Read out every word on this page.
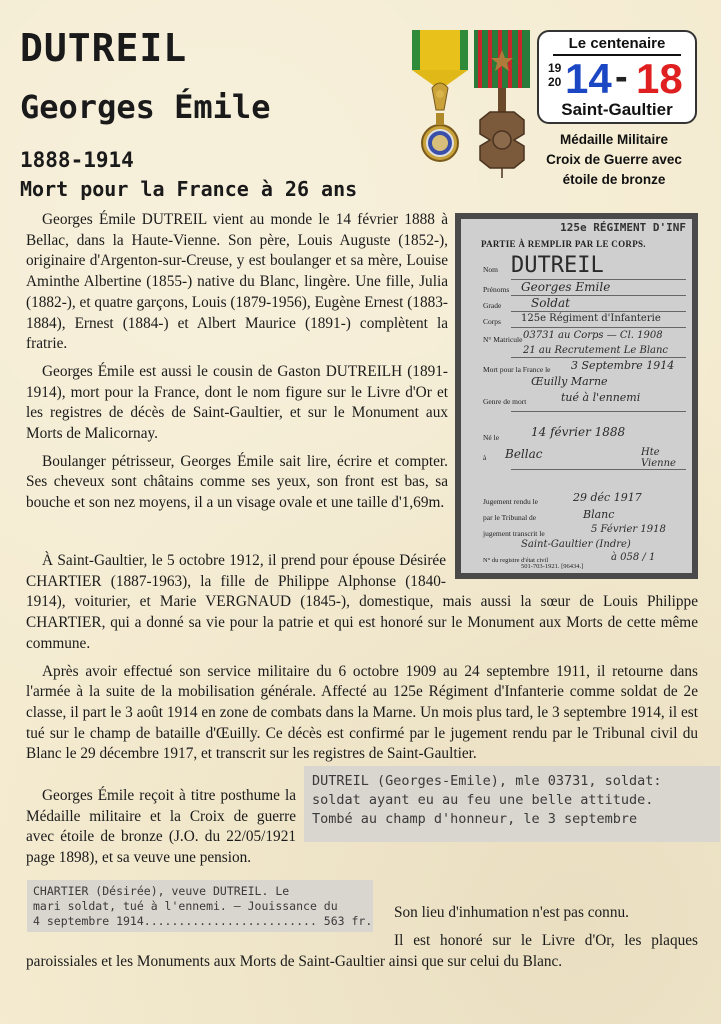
DUTREIL
Georges Émile
1888-1914
Mort pour la France à 26 ans
Le centenaire
19
20 14 - 18
Saint-Gaultier
Médaille Militaire
Croix de Guerre avec
étoile de bronze
125e RÉGIMENT D'INF
PARTIE À REMPLIR PAR LE CORPS.
Nom DUTREIL
Prénoms Georges Emile
Grade Soldat
Corps 125e Régiment d'Infanterie
N° Matricule 03731 au Corps — Cl. 1908
21 au Recrutement Le Blanc
Mort pour la France le 3 Septembre 1914
Œuilly Marne
Genre de mort	tué à l'ennemi
Né le	14 février 1888
à Bellac	Hte Vienne
Jugement rendu le	29 déc 1917
par le Tribunal de	Blanc
jugement transcrit le	5 Février 1918
Saint-Gaultier (Indre)
N° du registre d'état civil	à 058 / 1
501-703-1921. [96434.]

Georges Émile DUTREIL vient au monde le 14 février 1888 à Bellac, dans la Haute-Vienne. Son père, Louis Auguste (1852-), originaire d'Argenton-sur-Creuse, y est boulanger et sa mère, Louise Aminthe Albertine (1855-) native du Blanc, lingère. Une fille, Julia (1882-), et quatre garçons, Louis (1879-1956), Eugène Ernest (1883-1884), Ernest (1884-) et Albert Maurice (1891-) complètent la fratrie.

Georges Émile est aussi le cousin de Gaston DUTREILH (1891-1914), mort pour la France, dont le nom figure sur le Livre d'Or et les registres de décès de Saint-Gaultier, et sur le Monument aux Morts de Malicornay.

Boulanger pétrisseur, Georges Émile sait lire, écrire et compter. Ses cheveux sont châtains comme ses yeux, son front est bas, sa bouche et son nez moyens, il a un visage ovale et une taille d'1,69m.

À Saint-Gaultier, le 5 octobre 1912, il prend pour épouse Désirée CHARTIER (1887-1963), la fille de Philippe Alphonse (1840-1914), voiturier, et Marie VERGNAUD (1845-), domestique, mais aussi la sœur de Louis Philippe CHARTIER, qui a donné sa vie pour la patrie et qui est honoré sur le Monument aux Morts de cette même commune.

Après avoir effectué son service militaire du 6 octobre 1909 au 24 septembre 1911, il retourne dans l'armée à la suite de la mobilisation générale. Affecté au 125e Régiment d'Infanterie comme soldat de 2e classe, il part le 3 août 1914 en zone de combats dans la Marne. Un mois plus tard, le 3 septembre 1914, il est tué sur le champ de bataille d'Œuilly. Ce décès est confirmé par le jugement rendu par le Tribunal civil du Blanc le 29 décembre 1917, et transcrit sur les registres de Saint-Gaultier.

Georges Émile reçoit à titre posthume la Médaille militaire et la Croix de guerre avec étoile de bronze (J.O. du 22/05/1921 page 1898), et sa veuve une pension.

DUTREIL (Georges-Emile), mle 03731, soldat:
soldat ayant eu au feu une belle attitude.
Tombé au champ d'honneur, le 3 septembre
CHARTIER (Désirée), veuve DUTREIL. Le
mari soldat, tué à l'ennemi. — Jouissance du
4 septembre 1914......................... 563 fr. Son lieu d'inhumation n'est pas connu.

Il est honoré sur le Livre d'Or, les plaques paroissiales et les Monuments aux Morts de Saint-Gaultier ainsi que sur celui du Blanc.
